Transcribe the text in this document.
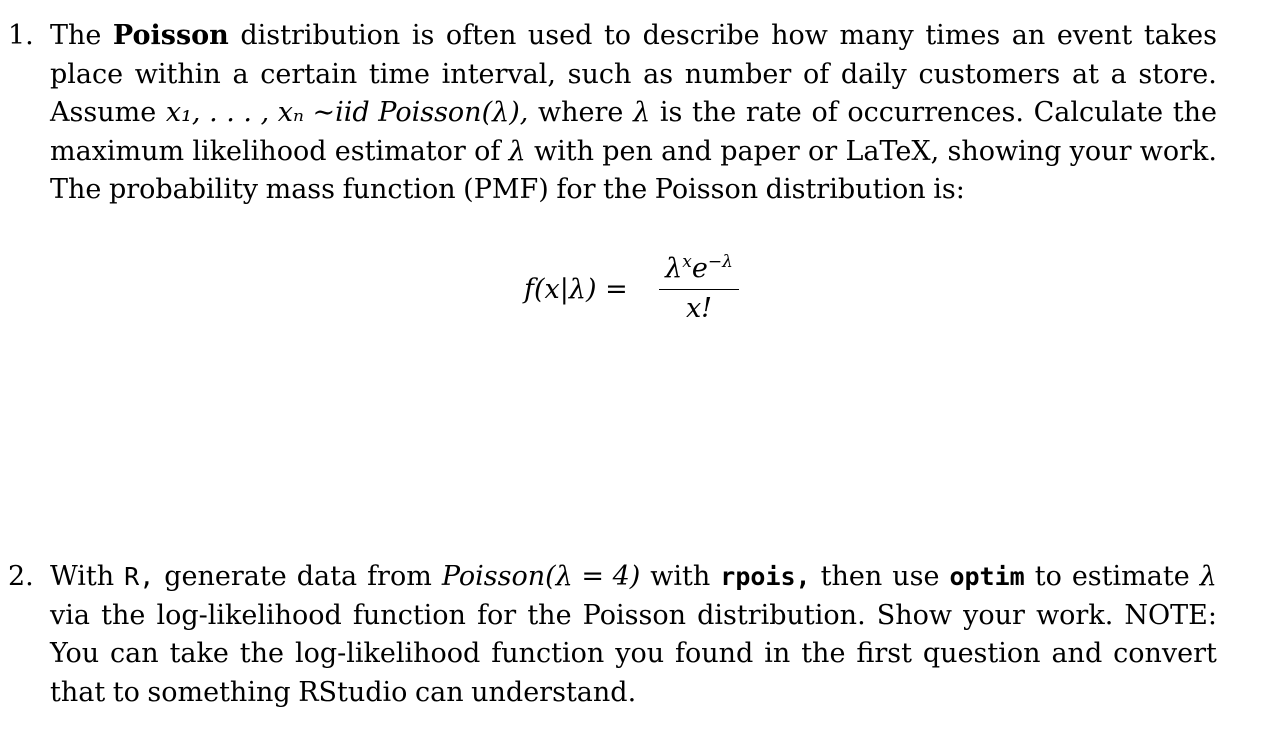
1. The Poisson distribution is often used to describe how many times an event takes
place within a certain time interval, such as number of daily customers at a store.
Assume x₁, . . . , xₙ ∼iid Poisson(λ), where λ is the rate of occurrences. Calculate the
maximum likelihood estimator of λ with pen and paper or LaTeX, showing your work.
The probability mass function (PMF) for the Poisson distribution is:
f(x|λ) =
$\lambda^xe^{-\lambda}$
x!
2. With R, generate data from Poisson(λ = 4) with rpois, then use optim to estimate λ
via the log-likelihood function for the Poisson distribution. Show your work. NOTE:
You can take the log-likelihood function you found in the first question and convert
that to something RStudio can understand.
